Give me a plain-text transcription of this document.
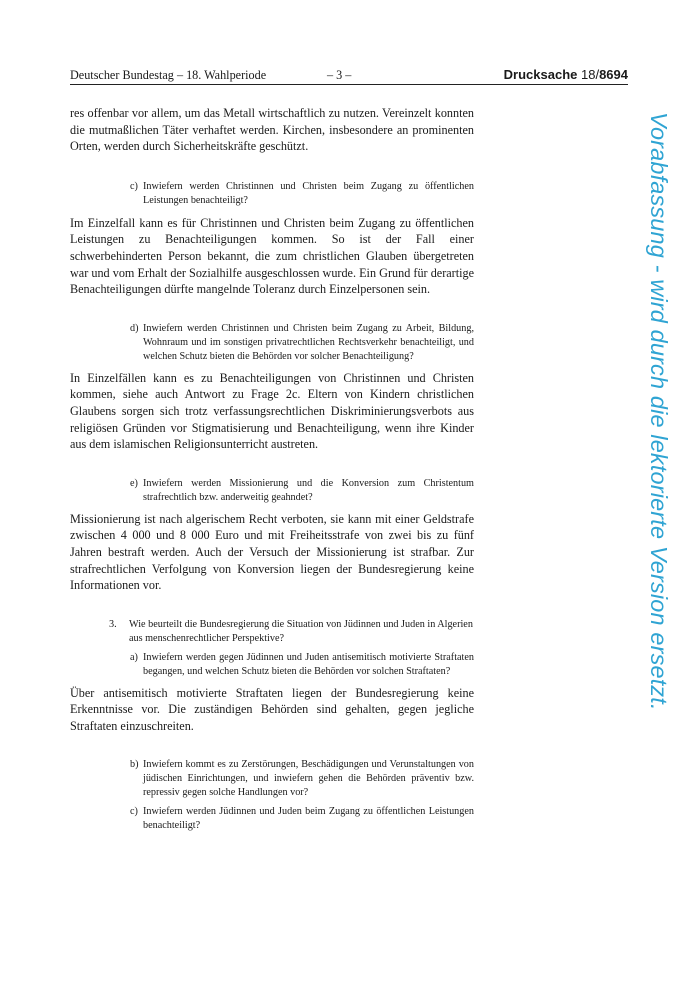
Deutscher Bundestag – 18. Wahlperiode	– 3 –	Drucksache 18/8694

res offenbar vor allem, um das Metall wirtschaftlich zu nutzen. Vereinzelt konnten die mutmaßlichen Täter verhaftet werden. Kirchen, insbesondere an prominenten Orten, werden durch Sicherheitskräfte geschützt.

c) Inwiefern werden Christinnen und Christen beim Zugang zu öffentlichen Leistungen benachteiligt?

Im Einzelfall kann es für Christinnen und Christen beim Zugang zu öffentlichen Leistungen zu Benachteiligungen kommen. So ist der Fall einer schwerbehinderten Person bekannt, die zum christlichen Glauben übergetreten war und vom Erhalt der Sozialhilfe ausgeschlossen wurde. Ein Grund für derartige Benachteiligungen dürfte mangelnde Toleranz durch Einzelpersonen sein.

d) Inwiefern werden Christinnen und Christen beim Zugang zu Arbeit, Bildung, Wohnraum und im sonstigen privatrechtlichen Rechtsverkehr benachteiligt, und welchen Schutz bieten die Behörden vor solcher Benachteiligung?

In Einzelfällen kann es zu Benachteiligungen von Christinnen und Christen kommen, siehe auch Antwort zu Frage 2c. Eltern von Kindern christlichen Glaubens sorgen sich trotz verfassungsrechtlichen Diskriminierungsverbots aus religiösen Gründen vor Stigmatisierung und Benachteiligung, wenn ihre Kinder aus dem islamischen Religionsunterricht austreten.

e) Inwiefern werden Missionierung und die Konversion zum Christentum strafrechtlich bzw. anderweitig geahndet?

Missionierung ist nach algerischem Recht verboten, sie kann mit einer Geldstrafe zwischen 4 000 und 8 000 Euro und mit Freiheitsstrafe von zwei bis zu fünf Jahren bestraft werden. Auch der Versuch der Missionierung ist strafbar. Zur strafrechtlichen Verfolgung von Konversion liegen der Bundesregierung keine Informationen vor.

3. Wie beurteilt die Bundesregierung die Situation von Jüdinnen und Juden in Algerien aus menschenrechtlicher Perspektive?
a) Inwiefern werden gegen Jüdinnen und Juden antisemitisch motivierte Straftaten begangen, und welchen Schutz bieten die Behörden vor solchen Straftaten?

Über antisemitisch motivierte Straftaten liegen der Bundesregierung keine Erkenntnisse vor. Die zuständigen Behörden sind gehalten, gegen jegliche Straftaten einzuschreiten.

b) Inwiefern kommt es zu Zerstörungen, Beschädigungen und Verunstaltungen von jüdischen Einrichtungen, und inwiefern gehen die Behörden präventiv bzw. repressiv gegen solche Handlungen vor?
c) Inwiefern werden Jüdinnen und Juden beim Zugang zu öffentlichen Leistungen benachteiligt?
Vorabfassung - wird durch die lektorierte Version ersetzt.
